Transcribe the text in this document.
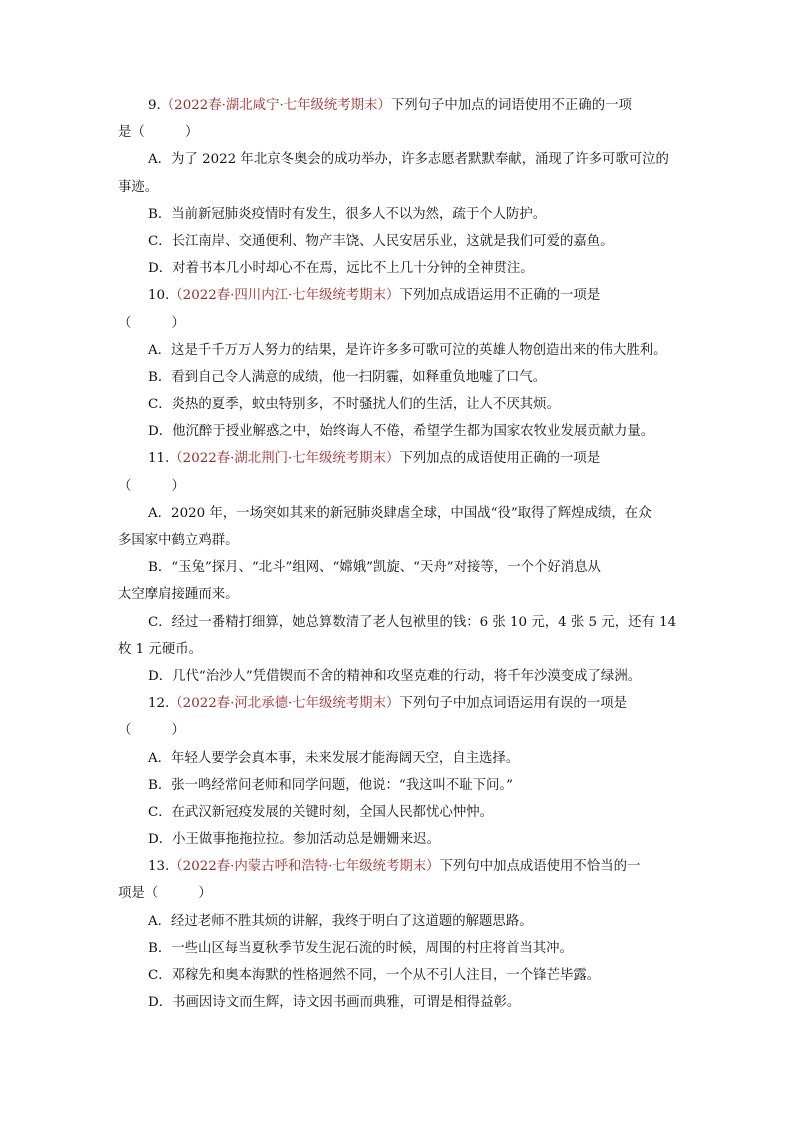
9.（2022春·湖北咸宁·七年级统考期末）下列句子中加点的词语使用不正确的一项
是（　　　）
A．为了 2022 年北京冬奥会的成功举办，许多志愿者默默奉献，涌现了许多可歌可泣的
事迹。
B．当前新冠肺炎疫情时有发生，很多人不以为然，疏于个人防护。
C．长江南岸、交通便利、物产丰饶、人民安居乐业，这就是我们可爱的嘉鱼。
D．对着书本几小时却心不在焉，远比不上几十分钟的全神贯注。
10.（2022春·四川内江·七年级统考期末）下列加点成语运用不正确的一项是
（　　　）
A．这是千千万万人努力的结果，是许许多多可歌可泣的英雄人物创造出来的伟大胜利。
B．看到自己令人满意的成绩，他一扫阴霾，如释重负地嘘了口气。
C．炎热的夏季，蚊虫特别多，不时骚扰人们的生活，让人不厌其烦。
D．他沉醉于授业解惑之中，始终诲人不倦，希望学生都为国家农牧业发展贡献力量。
11.（2022春·湖北荆门·七年级统考期末）下列加点的成语使用正确的一项是
（　　　）
A．2020 年，一场突如其来的新冠肺炎肆虐全球，中国战“役”取得了辉煌成绩，在众
多国家中鹤立鸡群。
B．“玉兔”探月、“北斗”组网、“嫦娥”凯旋、“天舟”对接等，一个个好消息从
太空摩肩接踵而来。
C．经过一番精打细算，她总算数清了老人包袱里的钱：6 张 10 元，4 张 5 元，还有 14
枚 1 元硬币。
D．几代“治沙人”凭借锲而不舍的精神和攻坚克难的行动，将千年沙漠变成了绿洲。
12.（2022春·河北承德·七年级统考期末）下列句子中加点词语运用有误的一项是
（　　　）
A．年轻人要学会真本事，未来发展才能海阔天空，自主选择。
B．张一鸣经常问老师和同学问题，他说：“我这叫不耻下问。”
C．在武汉新冠疫发展的关键时刻，全国人民都忧心忡忡。
D．小王做事拖拖拉拉。参加活动总是姗姗来迟。
13.（2022春·内蒙古呼和浩特·七年级统考期末）下列句中加点成语使用不恰当的一
项是（　　　）
A．经过老师不胜其烦的讲解，我终于明白了这道题的解题思路。
B．一些山区每当夏秋季节发生泥石流的时候，周围的村庄将首当其冲。
C．邓稼先和奥本海默的性格迥然不同，一个从不引人注目，一个锋芒毕露。
D．书画因诗文而生辉，诗文因书画而典雅，可谓是相得益彰。
